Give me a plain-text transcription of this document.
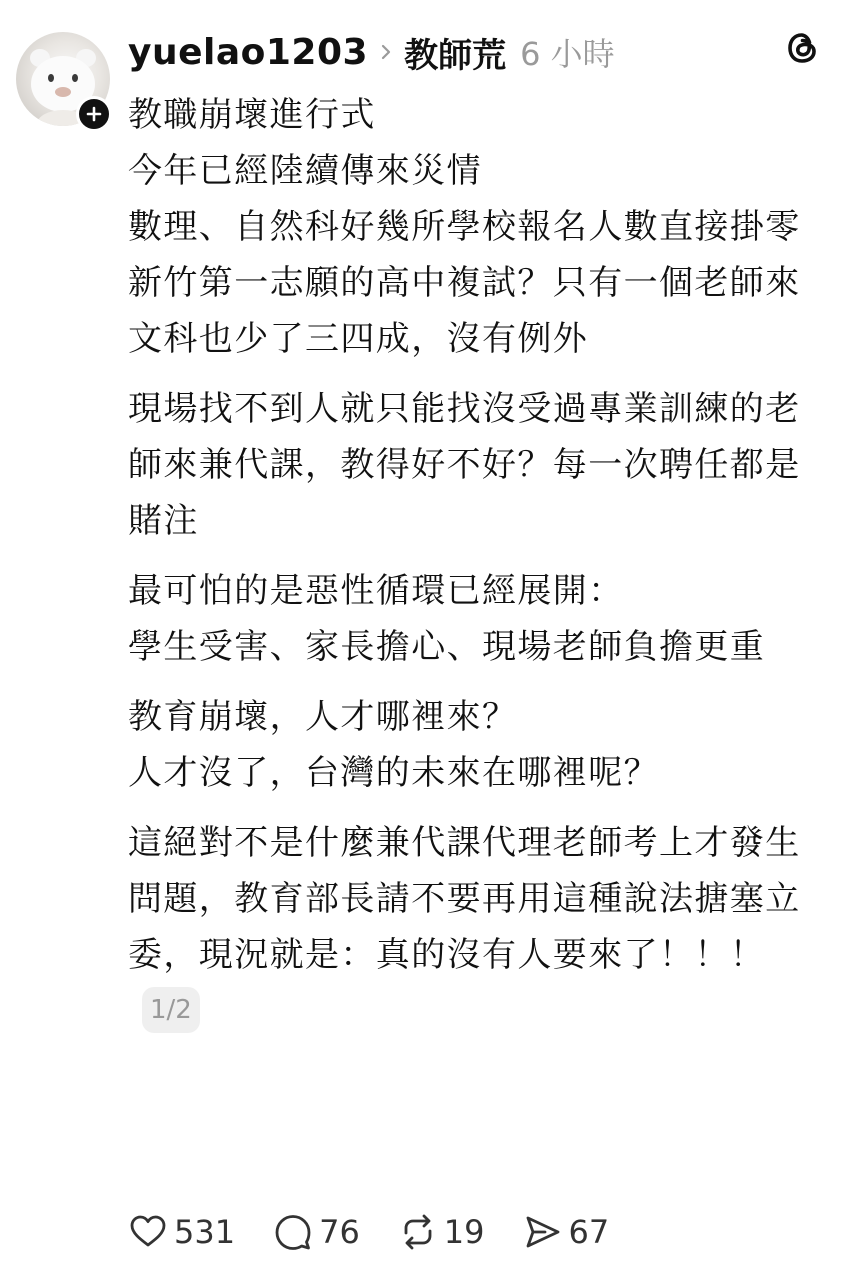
yuelao1203 教師荒 6 小時

教職崩壞進行式

今年已經陸續傳來災情

數理、自然科好幾所學校報名人數直接掛零

新竹第一志願的高中複試？只有一個老師來

文科也少了三四成，沒有例外

現場找不到人就只能找沒受過專業訓練的老師來兼代課，教得好不好？每一次聘任都是賭注

最可怕的是惡性循環已經展開：

學生受害、家長擔心、現場老師負擔更重

教育崩壞，人才哪裡來？

人才沒了，台灣的未來在哪裡呢？

這絕對不是什麼兼代課代理老師考上才發生問題，教育部長請不要再用這種說法搪塞立委，現況就是：真的沒有人要來了！！！1/2

531	76	19	67
